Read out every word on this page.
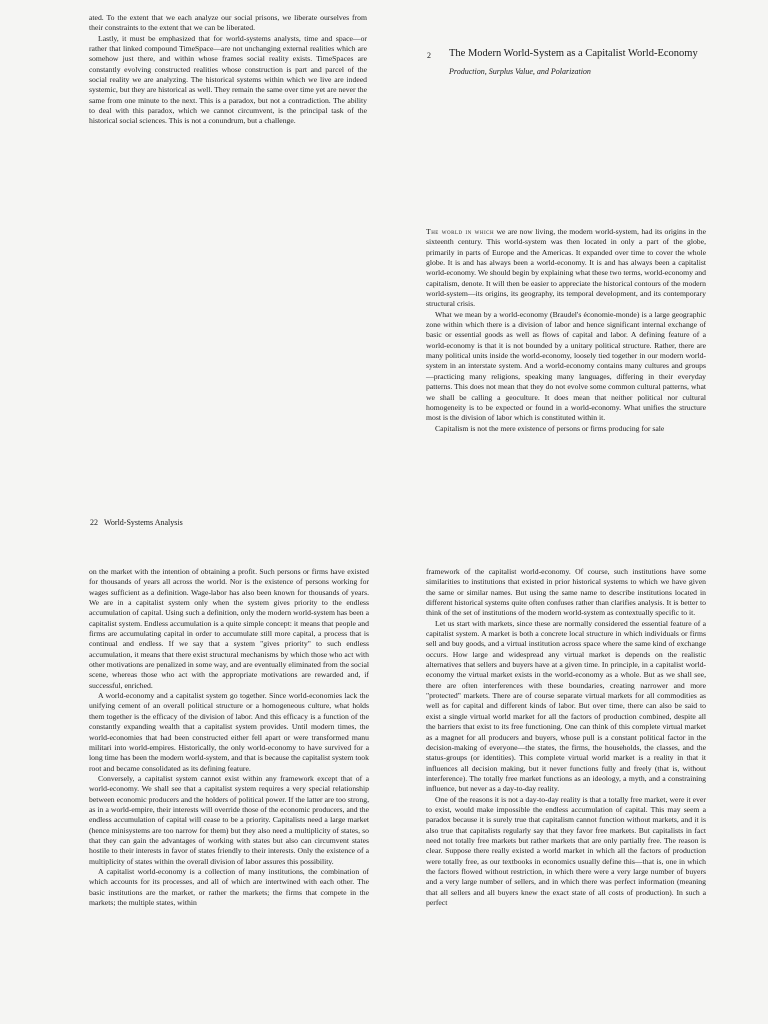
ated. To the extent that we each analyze our social prisons, we liberate ourselves from their constraints to the extent that we can be liberated.

Lastly, it must be emphasized that for world-systems analysts, time and space—or rather that linked compound TimeSpace—are not unchanging external realities which are somehow just there, and within whose frames social reality exists. TimeSpaces are constantly evolving constructed realities whose construction is part and parcel of the social reality we are analyzing. The historical systems within which we live are indeed systemic, but they are historical as well. They remain the same over time yet are never the same from one minute to the next. This is a paradox, but not a contradiction. The ability to deal with this paradox, which we cannot circumvent, is the principal task of the historical social sciences. This is not a conundrum, but a challenge.

2 The Modern World-System as a Capitalist World-Economy
Production, Surplus Value, and Polarization

The world in which we are now living, the modern world-system, had its origins in the sixteenth century. This world-system was then located in only a part of the globe, primarily in parts of Europe and the Americas. It expanded over time to cover the whole globe. It is and has always been a world-economy. It is and has always been a capitalist world-economy. We should begin by explaining what these two terms, world-economy and capitalism, denote. It will then be easier to appreciate the historical contours of the modern world-system—its origins, its geography, its temporal development, and its contemporary structural crisis.

What we mean by a world-economy (Braudel's économie-monde) is a large geographic zone within which there is a division of labor and hence significant internal exchange of basic or essential goods as well as flows of capital and labor. A defining feature of a world-economy is that it is not bounded by a unitary political structure. Rather, there are many political units inside the world-economy, loosely tied together in our modern world-system in an interstate system. And a world-economy contains many cultures and groups—practicing many religions, speaking many languages, differing in their everyday patterns. This does not mean that they do not evolve some common cultural patterns, what we shall be calling a geoculture. It does mean that neither political nor cultural homogeneity is to be expected or found in a world-economy. What unifies the structure most is the division of labor which is constituted within it.

Capitalism is not the mere existence of persons or firms producing for sale

22 World-Systems Analysis

on the market with the intention of obtaining a profit. Such persons or firms have existed for thousands of years all across the world. Nor is the existence of persons working for wages sufficient as a definition. Wage-labor has also been known for thousands of years. We are in a capitalist system only when the system gives priority to the endless accumulation of capital. Using such a definition, only the modern world-system has been a capitalist system. Endless accumulation is a quite simple concept: it means that people and firms are accumulating capital in order to accumulate still more capital, a process that is continual and endless. If we say that a system "gives priority" to such endless accumulation, it means that there exist structural mechanisms by which those who act with other motivations are penalized in some way, and are eventually eliminated from the social scene, whereas those who act with the appropriate motivations are rewarded and, if successful, enriched.

A world-economy and a capitalist system go together. Since world-economies lack the unifying cement of an overall political structure or a homogeneous culture, what holds them together is the efficacy of the division of labor. And this efficacy is a function of the constantly expanding wealth that a capitalist system provides. Until modern times, the world-economies that had been constructed either fell apart or were transformed manu militari into world-empires. Historically, the only world-economy to have survived for a long time has been the modern world-system, and that is because the capitalist system took root and became consolidated as its defining feature.

Conversely, a capitalist system cannot exist within any framework except that of a world-economy. We shall see that a capitalist system requires a very special relationship between economic producers and the holders of political power. If the latter are too strong, as in a world-empire, their interests will override those of the economic producers, and the endless accumulation of capital will cease to be a priority. Capitalists need a large market (hence minisystems are too narrow for them) but they also need a multiplicity of states, so that they can gain the advantages of working with states but also can circumvent states hostile to their interests in favor of states friendly to their interests. Only the existence of a multiplicity of states within the overall division of labor assures this possibility.

A capitalist world-economy is a collection of many institutions, the combination of which accounts for its processes, and all of which are intertwined with each other. The basic institutions are the market, or rather the markets; the firms that compete in the markets; the multiple states, within

framework of the capitalist world-economy. Of course, such institutions have some similarities to institutions that existed in prior historical systems to which we have given the same or similar names. But using the same name to describe institutions located in different historical systems quite often confuses rather than clarifies analysis. It is better to think of the set of institutions of the modern world-system as contextually specific to it.

Let us start with markets, since these are normally considered the essential feature of a capitalist system. A market is both a concrete local structure in which individuals or firms sell and buy goods, and a virtual institution across space where the same kind of exchange occurs. How large and widespread any virtual market is depends on the realistic alternatives that sellers and buyers have at a given time. In principle, in a capitalist world-economy the virtual market exists in the world-economy as a whole. But as we shall see, there are often interferences with these boundaries, creating narrower and more "protected" markets. There are of course separate virtual markets for all commodities as well as for capital and different kinds of labor. But over time, there can also be said to exist a single virtual world market for all the factors of production combined, despite all the barriers that exist to its free functioning. One can think of this complete virtual market as a magnet for all producers and buyers, whose pull is a constant political factor in the decision-making of everyone—the states, the firms, the households, the classes, and the status-groups (or identities). This complete virtual world market is a reality in that it influences all decision making, but it never functions fully and freely (that is, without interference). The totally free market functions as an ideology, a myth, and a constraining influence, but never as a day-to-day reality.

One of the reasons it is not a day-to-day reality is that a totally free market, were it ever to exist, would make impossible the endless accumulation of capital. This may seem a paradox because it is surely true that capitalism cannot function without markets, and it is also true that capitalists regularly say that they favor free markets. But capitalists in fact need not totally free markets but rather markets that are only partially free. The reason is clear. Suppose there really existed a world market in which all the factors of production were totally free, as our textbooks in economics usually define this—that is, one in which the factors flowed without restriction, in which there were a very large number of buyers and a very large number of sellers, and in which there was perfect information (meaning that all sellers and all buyers knew the exact state of all costs of production). In such a perfect
